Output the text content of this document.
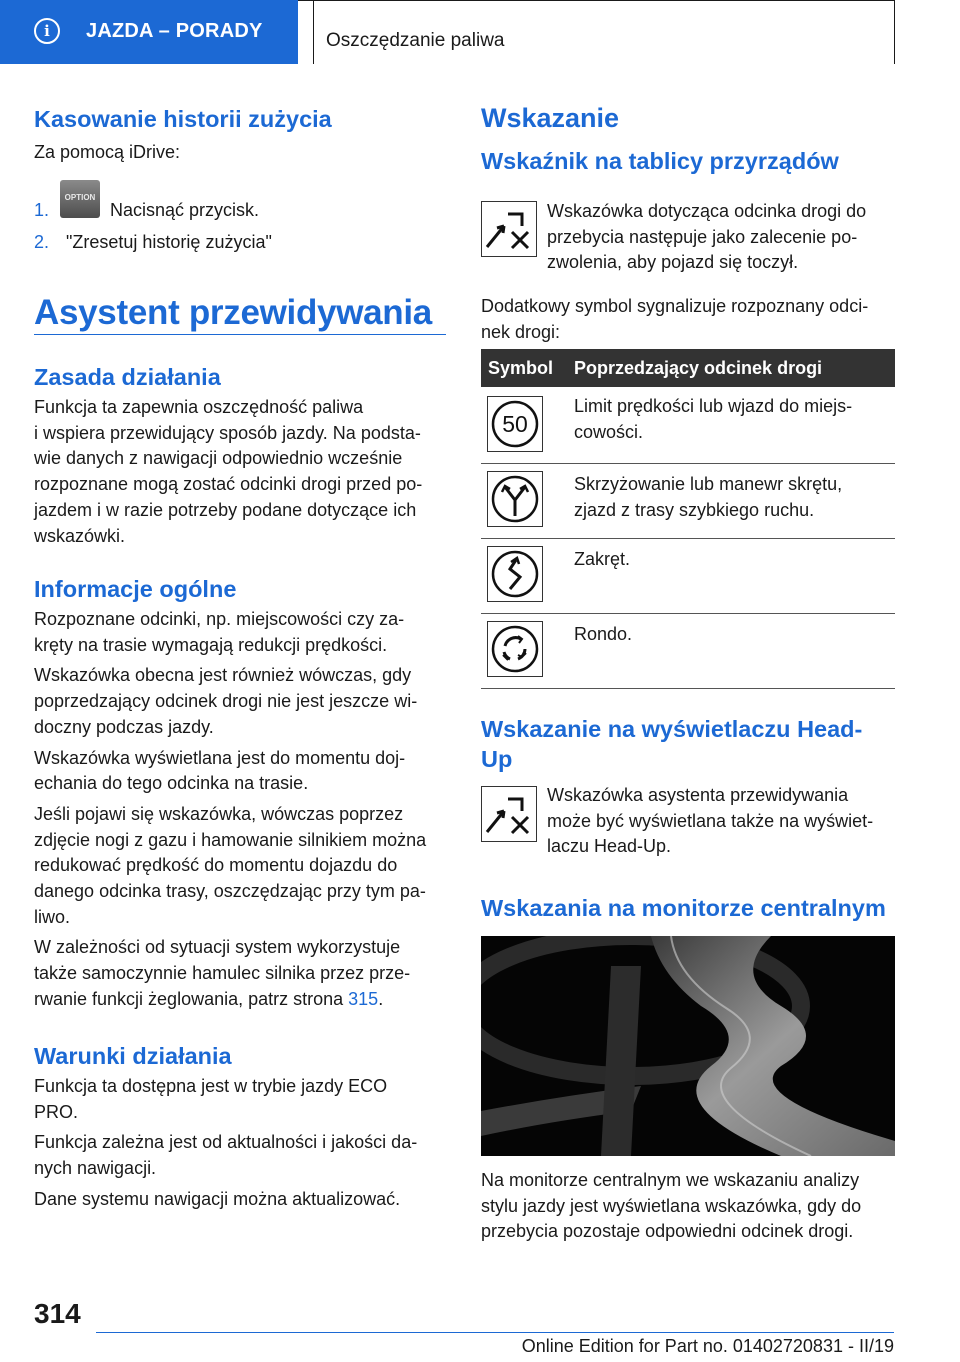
i JAZDA – PORADY	Oszczędzanie paliwa
Kasowanie historii zużycia

Za pomocą iDrive:

1.
OPTION
Nacisnąć przycisk.
2. "Zresetuj historię zużycia"
Asystent przewidywania
Zasada działania

Funkcja ta zapewnia oszczędność paliwa
i wspiera przewidujący sposób jazdy. Na podsta-
wie danych z nawigacji odpowiednio wcześnie
rozpoznane mogą zostać odcinki drogi przed po-
jazdem i w razie potrzeby podane dotyczące ich
wskazówki.

Informacje ogólne

Rozpoznane odcinki, np. miejscowości czy za-
kręty na trasie wymagają redukcji prędkości.

Wskazówka obecna jest również wówczas, gdy
poprzedzający odcinek drogi nie jest jeszcze wi-
doczny podczas jazdy.

Wskazówka wyświetlana jest do momentu doj-
echania do tego odcinka na trasie.

Jeśli pojawi się wskazówka, wówczas poprzez
zdjęcie nogi z gazu i hamowanie silnikiem można
redukować prędkość do momentu dojazdu do
danego odcinka trasy, oszczędzając przy tym pa-
liwo.

W zależności od sytuacji system wykorzystuje
także samoczynnie hamulec silnika przez prze-
rwanie funkcji żeglowania, patrz strona 315.

Warunki działania

Funkcja ta dostępna jest w trybie jazdy ECO
PRO.

Funkcja zależna jest od aktualności i jakości da-
nych nawigacji.

Dane systemu nawigacji można aktualizować.

Wskazanie
Wskaźnik na tablicy przyrządów

Wskazówka dotycząca odcinka drogi do
przebycia następuje jako zalecenie po-
zwolenia, aby pojazd się toczył.

Dodatkowy symbol sygnalizuje rozpoznany odci-
nek drogi:

Symbol Poprzedzający odcinek drogi
50
Limit prędkości lub wjazd do miejs-
cowości.
Skrzyżowanie lub manewr skrętu,
zjazd z trasy szybkiego ruchu.
Zakręt.
Rondo.
Wskazanie na wyświetlaczu Head-
Up

Wskazówka asystenta przewidywania
może być wyświetlana także na wyświet-
laczu Head-Up.

Wskazania na monitorze centralnym

Na monitorze centralnym we wskazaniu analizy
stylu jazdy jest wyświetlana wskazówka, gdy do
przebycia pozostaje odpowiedni odcinek drogi.

314
Online Edition for Part no. 01402720831 - II/19
